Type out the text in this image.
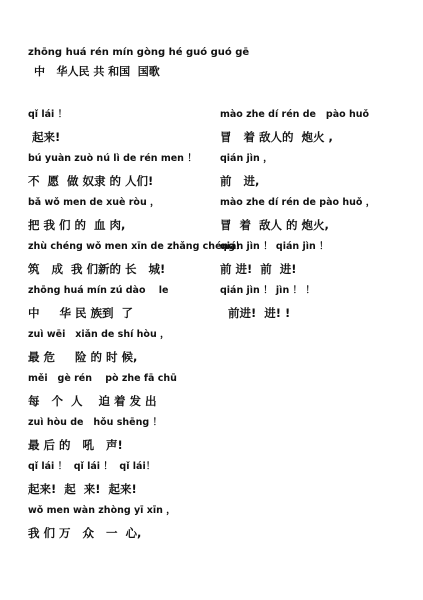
zhōng huá rén mín gòng hé guó guó gē
中   华人民 共 和国  国歌
qǐ lái ！
起来!
bú yuàn zuò nú lì de rén men ！
不  愿  做 奴隶 的 人们!
bǎ wǒ men de xuè ròu ，
把 我 们 的  血 肉,
zhù chéng wǒ men xīn de zhǎng chéng！
筑   成  我 们新的 长   城!
zhōng huá mín zú dào    le
中     华 民 族到  了
zuì wēi   xiǎn de shí hòu ，
最 危     险 的 时 候,
měi   gè rén    pò zhe fā chū
每   个  人    迫 着 发 出
zuì hòu de   hǒu shēng ！
最 后 的   吼   声!
qǐ lái ！  qǐ lái ！  qǐ lái！
起来!  起  来!  起来!
wǒ men wàn zhòng yī xīn ，
我 们 万   众   一  心,
mào zhe dí rén de   pào huǒ
冒   着 敌人的  炮火 ,
qián jìn ，
前   进,
mào zhe dí rén de pào huǒ ，
冒  着  敌人 的 炮火,
qián jìn ！ qián jìn ！
前 进!  前  进!
qián jìn ！ jìn ！ ！
前进!  进! !
